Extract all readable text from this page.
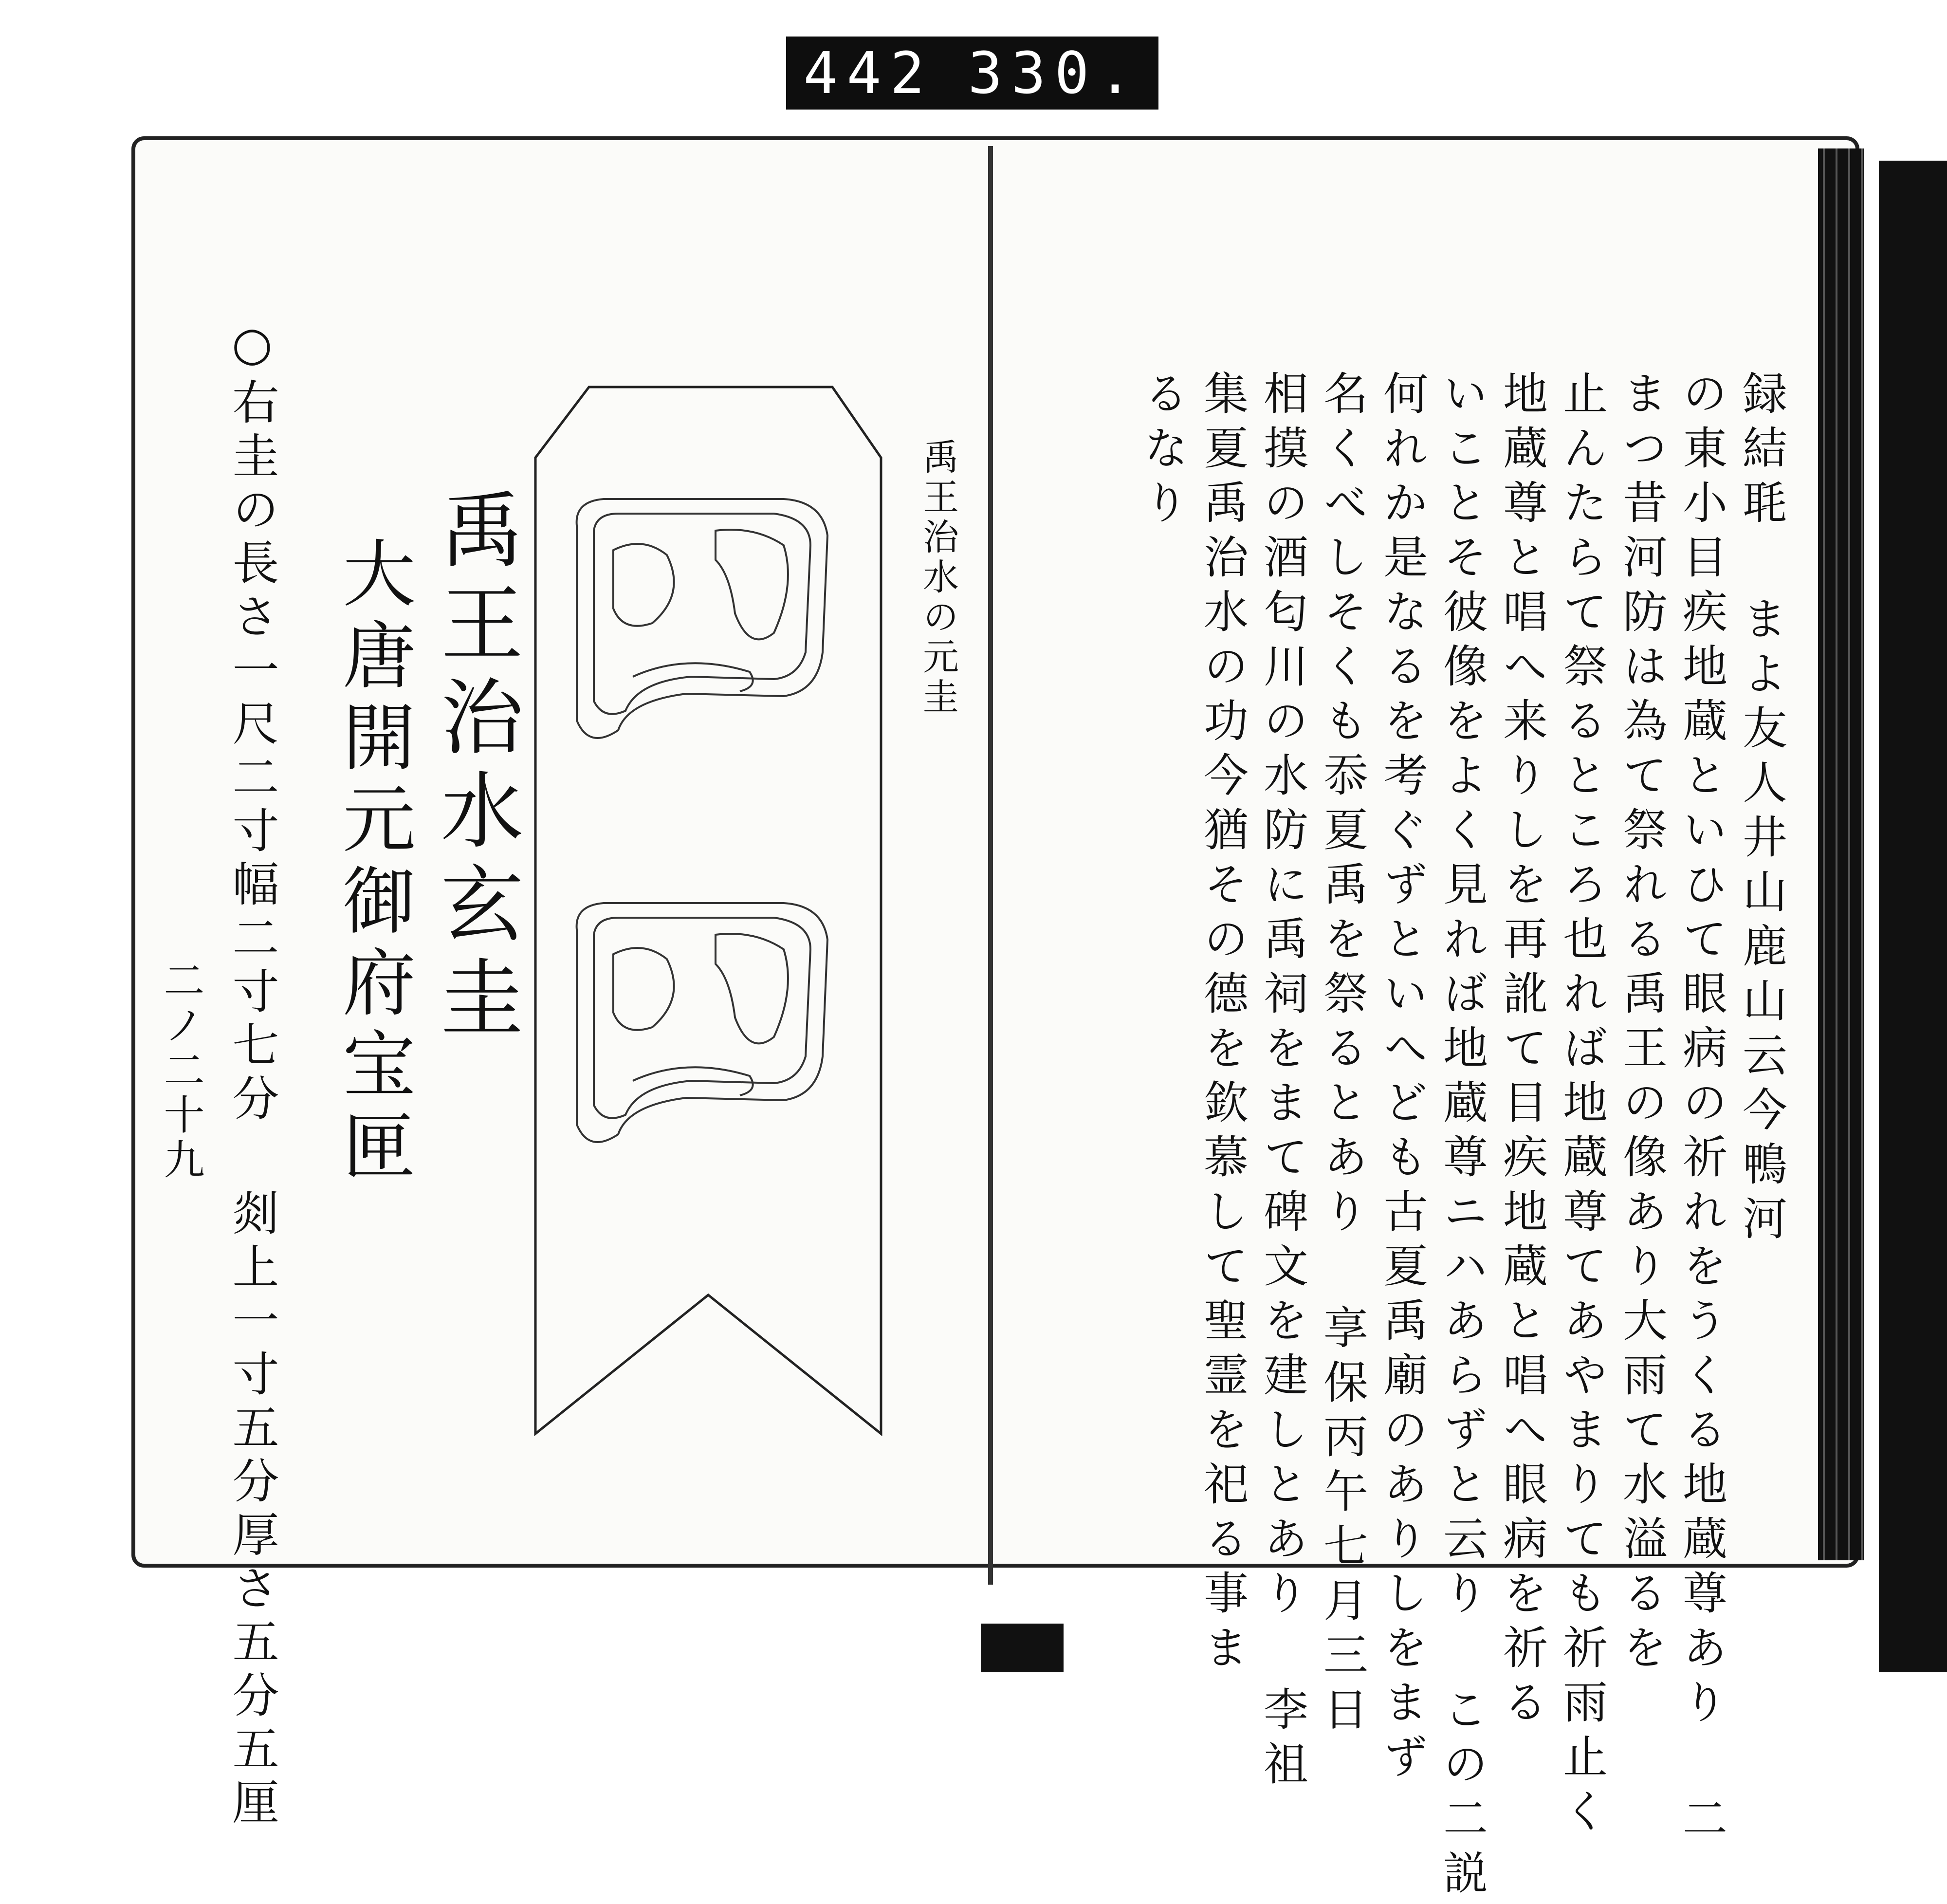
442 330.
禹王治水の元圭
禹王治水玄圭
大唐開元御府宝匣
○右圭の長さ一尺二寸幅二寸七分 剡上一寸五分厚さ五分五厘
二ノ二十九	録結毦 まよ友人井山鹿山云今鴨河
の東小目疾地蔵といひて眼病の祈れをうくる地蔵尊あり 二
まつ昔河防は為て祭れる禹王の像あり大雨て水溢るを
止んたらて祭るところ也れば地蔵尊てあやまりても祈雨止く
地蔵尊と唱へ来りしを再訛て目疾地蔵と唱へ眼病を祈る
いことそ彼像をよく見れば地蔵尊ニハあらずと云り この二説
何れか是なるを考ぐずといへども古夏禹廟のありしをまず
名くべしそくも忝夏禹を祭るとあり 享保丙午七月三日
相摸の酒匂川の水防に禹祠をまて碑文を建しとあり 李祖
集夏禹治水の功今猶その德を欽慕して聖霊を祀る事ま
るなり
